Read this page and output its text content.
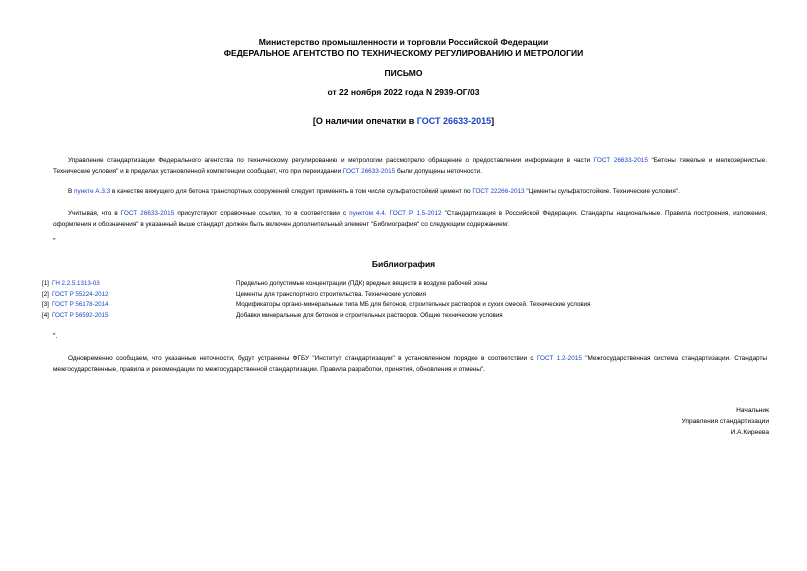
Министерство промышленности и торговли Российской Федерации
ФЕДЕРАЛЬНОЕ АГЕНТСТВО ПО ТЕХНИЧЕСКОМУ РЕГУЛИРОВАНИЮ И МЕТРОЛОГИИ
ПИСЬМО
от 22 ноября 2022 года N 2939-ОГ/03
[О наличии опечатки в ГОСТ 26633-2015]
Управление стандартизации Федерального агентства по техническому регулированию и метрологии рассмотрело обращение о предоставлении информации в части ГОСТ 26633-2015 "Бетоны тяжелые и мелкозернистые. Технические условия" и в пределах установленной компетенции сообщает, что при переиздании ГОСТ 26633-2015 были допущены неточности.
В пункте А.3.3 в качестве вяжущего для бетона транспортных сооружений следует применять в том числе сульфатостойкий цемент по ГОСТ 22266-2013 "Цементы сульфатостойкие. Технические условия".
Учитывая, что в ГОСТ 26633-2015 присутствуют справочные ссылки, то в соответствии с пунктом 4.4. ГОСТ Р 1.5-2012 "Стандартизация в Российской Федерации. Стандарты национальные. Правила построения, изложения, оформления и обозначения" в указанный выше стандарт должен быть включен дополнительный элемент "Библиография" со следующим содержанием:
"
Библиография
[1] ГН 2.2.5.1313-03	Предельно допустимые концентрации (ПДК) вредных веществ в воздухе рабочей зоны
[2] ГОСТ Р 55224-2012	Цементы для транспортного строительства. Технические условия
[3] ГОСТ Р 56178-2014	Модификаторы органо-минеральные типа МБ для бетонов, строительных растворов и сухих смесей. Технические условия
[4] ГОСТ Р 56592-2015	Добавки минеральные для бетонов и строительных растворов. Общие технические условия
".
Одновременно сообщаем, что указанные неточности, будут устранены ФГБУ "Институт стандартизации" в установленном порядке в соответствии с ГОСТ 1.2-2015 "Межгосударственная система стандартизации. Стандарты межгосударственные, правила и рекомендации по межгосударственной стандартизации. Правила разработки, принятия, обновления и отмены".
Начальник
Управления стандартизации
И.А.Киреева
